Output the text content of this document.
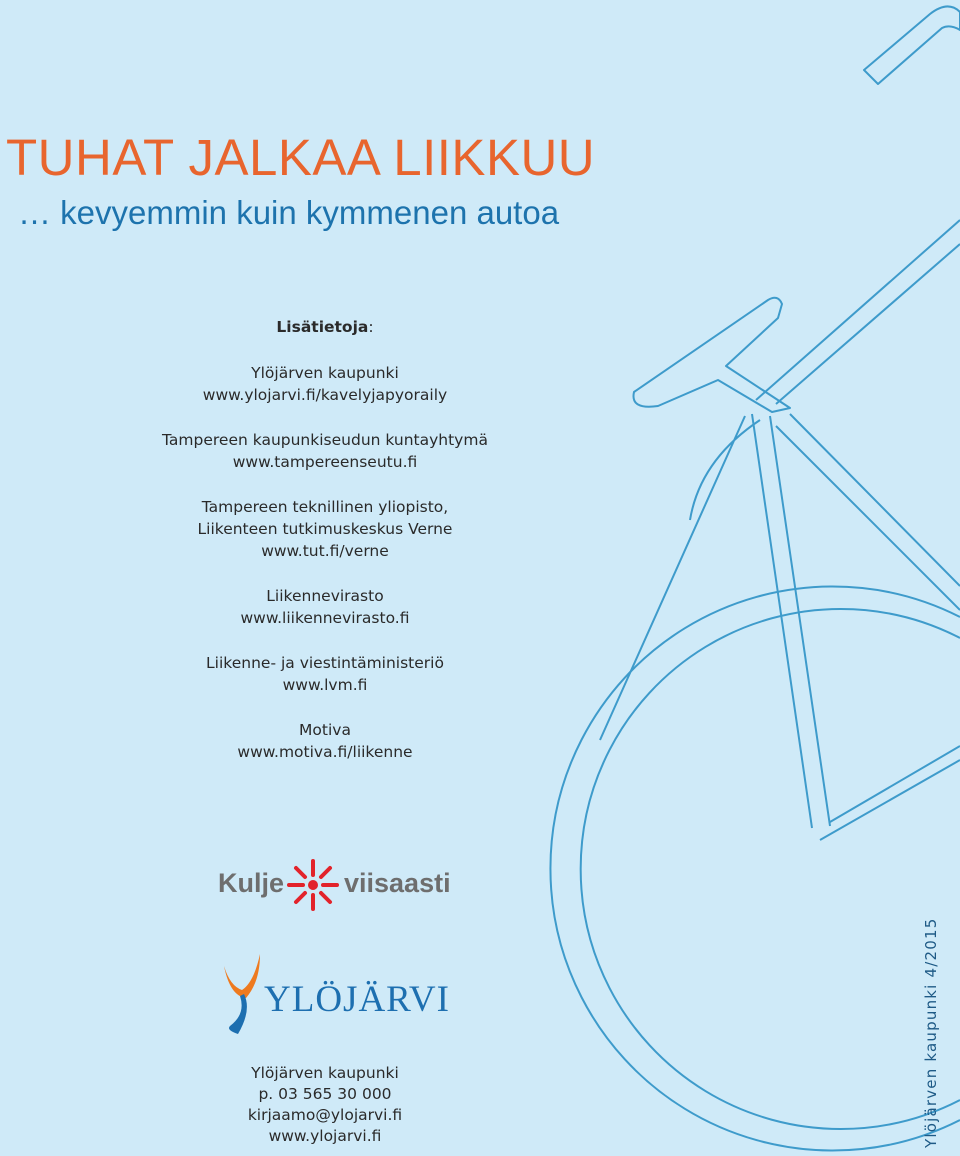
TUHAT JALKAA LIIKKUU
… kevyemmin kuin kymmenen autoa
Lisätietoja:
Ylöjärven kaupunki
www.ylojarvi.fi/kavelyjapyoraily
Tampereen kaupunkiseudun kuntayhtymä
www.tampereenseutu.fi
Tampereen teknillinen yliopisto,
Liikenteen tutkimuskeskus Verne
www.tut.fi/verne
Liikennevirasto
www.liikennevirasto.fi
Liikenne- ja viestintäministeriö
www.lvm.fi
Motiva
www.motiva.fi/liikenne
Kulje viisaasti
YLÖJÄRVI
Ylöjärven kaupunki
p. 03 565 30 000
kirjaamo@ylojarvi.fi
www.ylojarvi.fi	Ylöjärven kaupunki 4/2015
